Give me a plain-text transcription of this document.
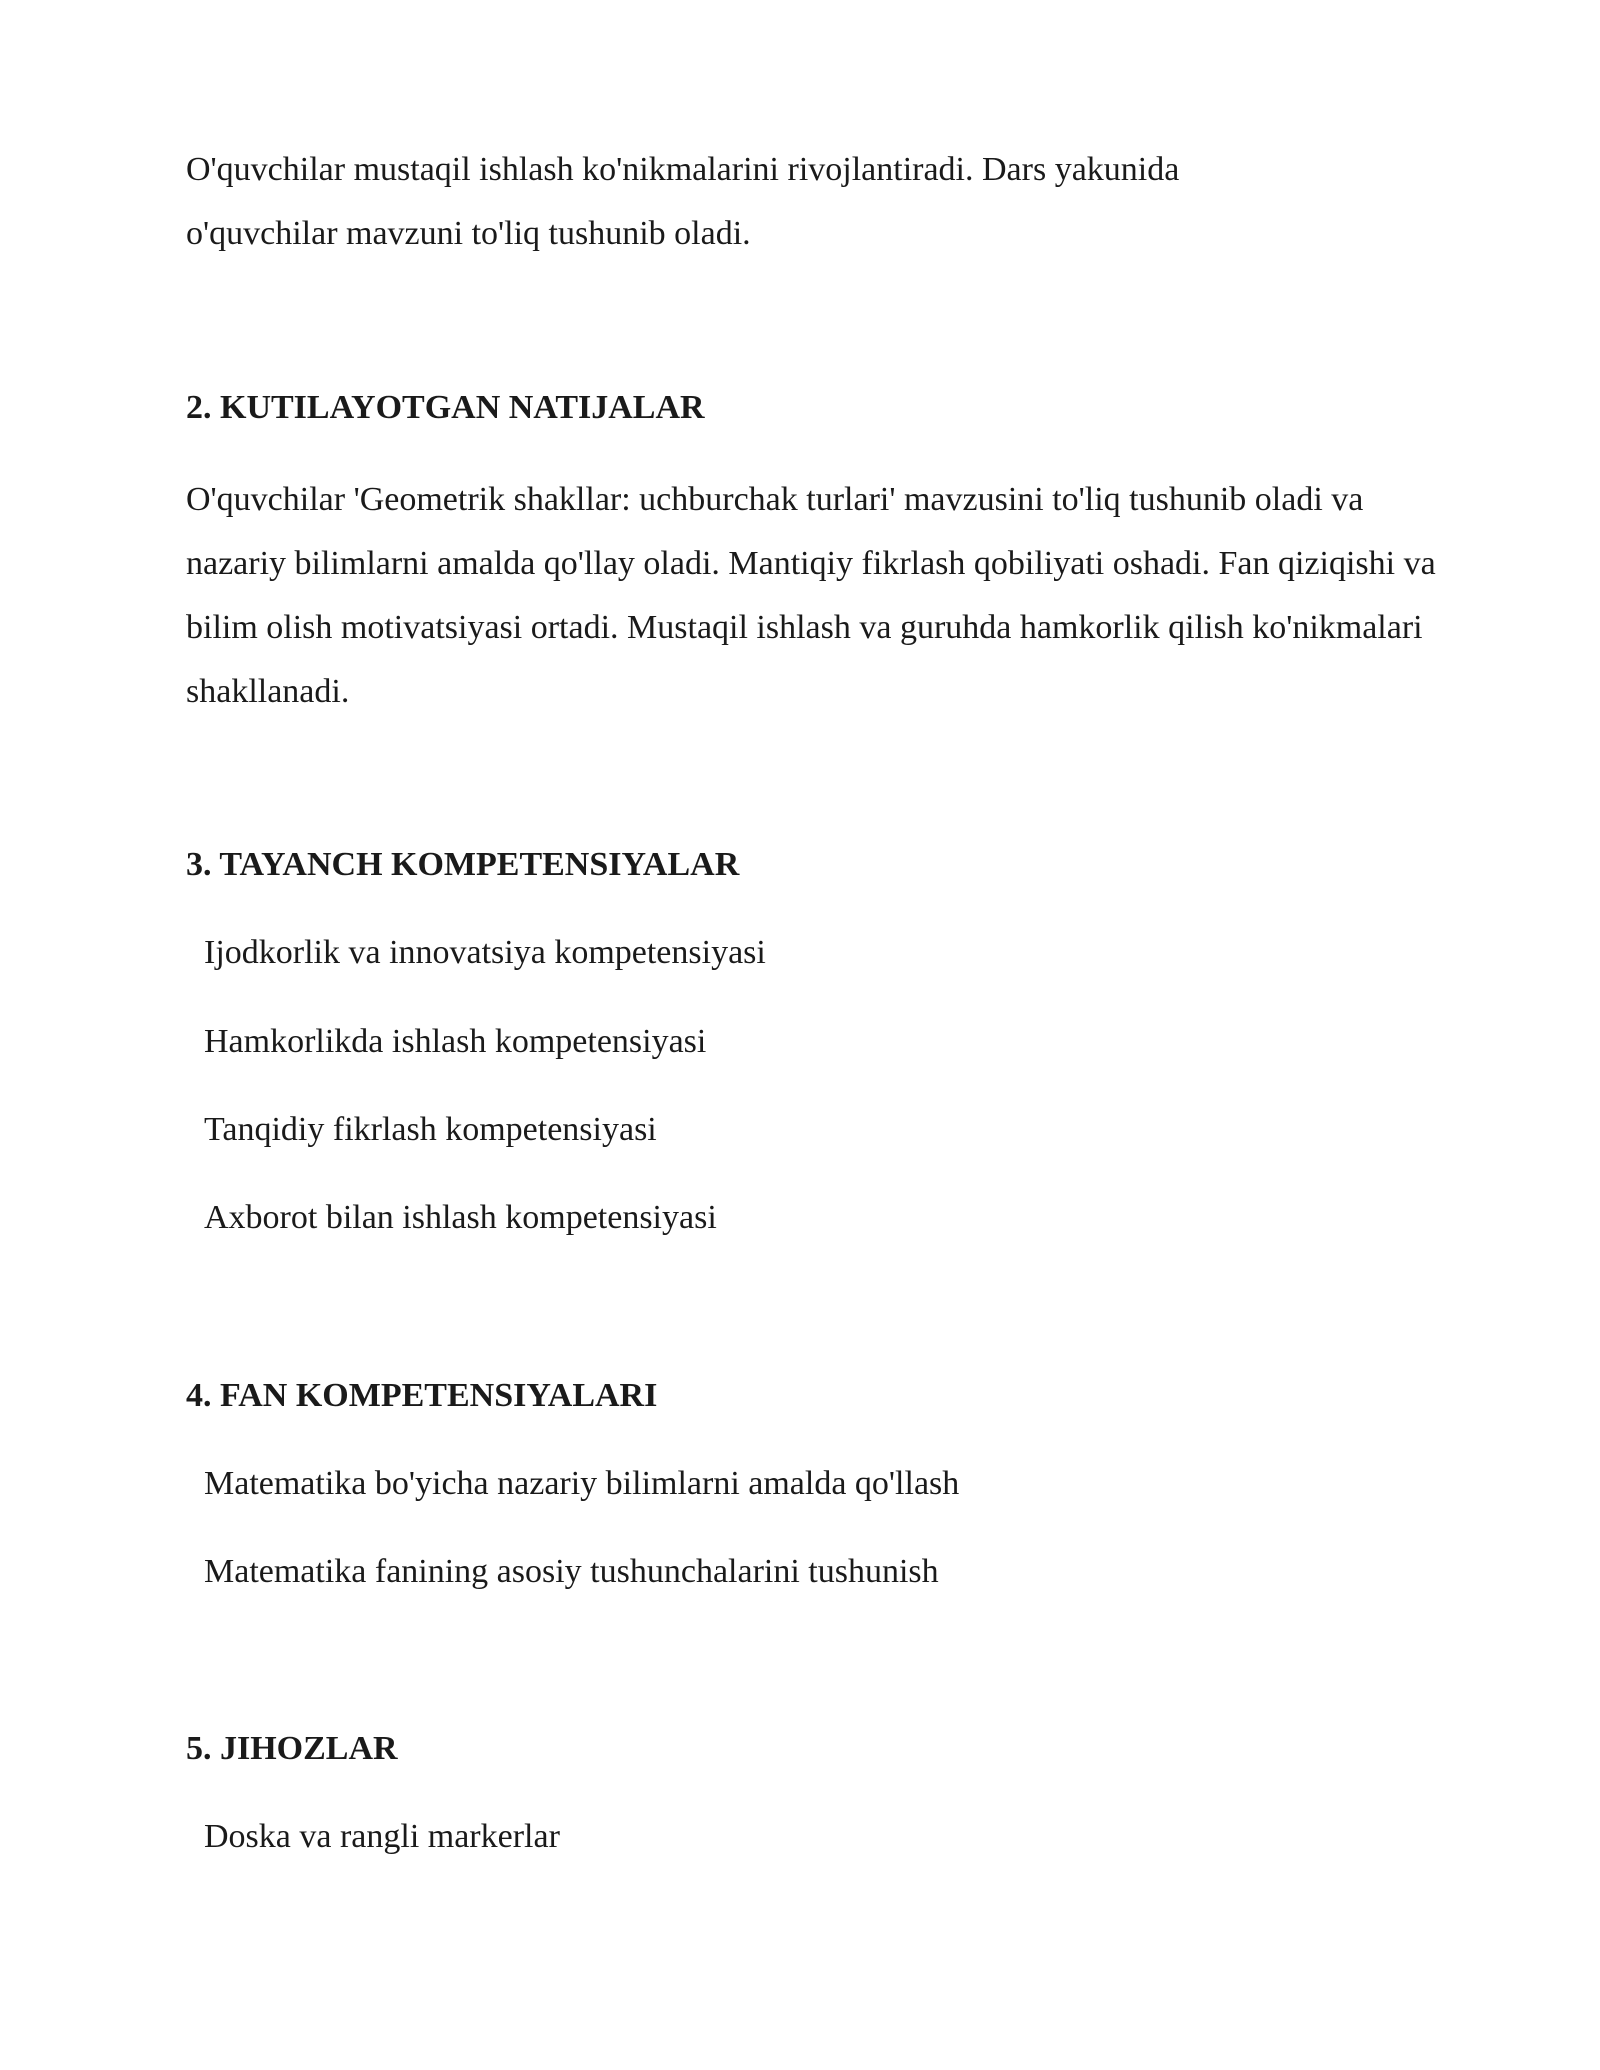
O'quvchilar mustaqil ishlash ko'nikmalarini rivojlantiradi. Dars yakunida o'quvchilar mavzuni to'liq tushunib oladi.

2. KUTILAYOTGAN NATIJALAR

O'quvchilar 'Geometrik shakllar: uchburchak turlari' mavzusini to'liq tushunib oladi va nazariy bilimlarni amalda qo'llay oladi. Mantiqiy fikrlash qobiliyati oshadi. Fan qiziqishi va bilim olish motivatsiyasi ortadi. Mustaqil ishlash va guruhda hamkorlik qilish ko'nikmalari shakllanadi.

3. TAYANCH KOMPETENSIYALAR

Ijodkorlik va innovatsiya kompetensiyasi

Hamkorlikda ishlash kompetensiyasi

Tanqidiy fikrlash kompetensiyasi

Axborot bilan ishlash kompetensiyasi

4. FAN KOMPETENSIYALARI

Matematika bo'yicha nazariy bilimlarni amalda qo'llash

Matematika fanining asosiy tushunchalarini tushunish

5. JIHOZLAR

Doska va rangli markerlar
